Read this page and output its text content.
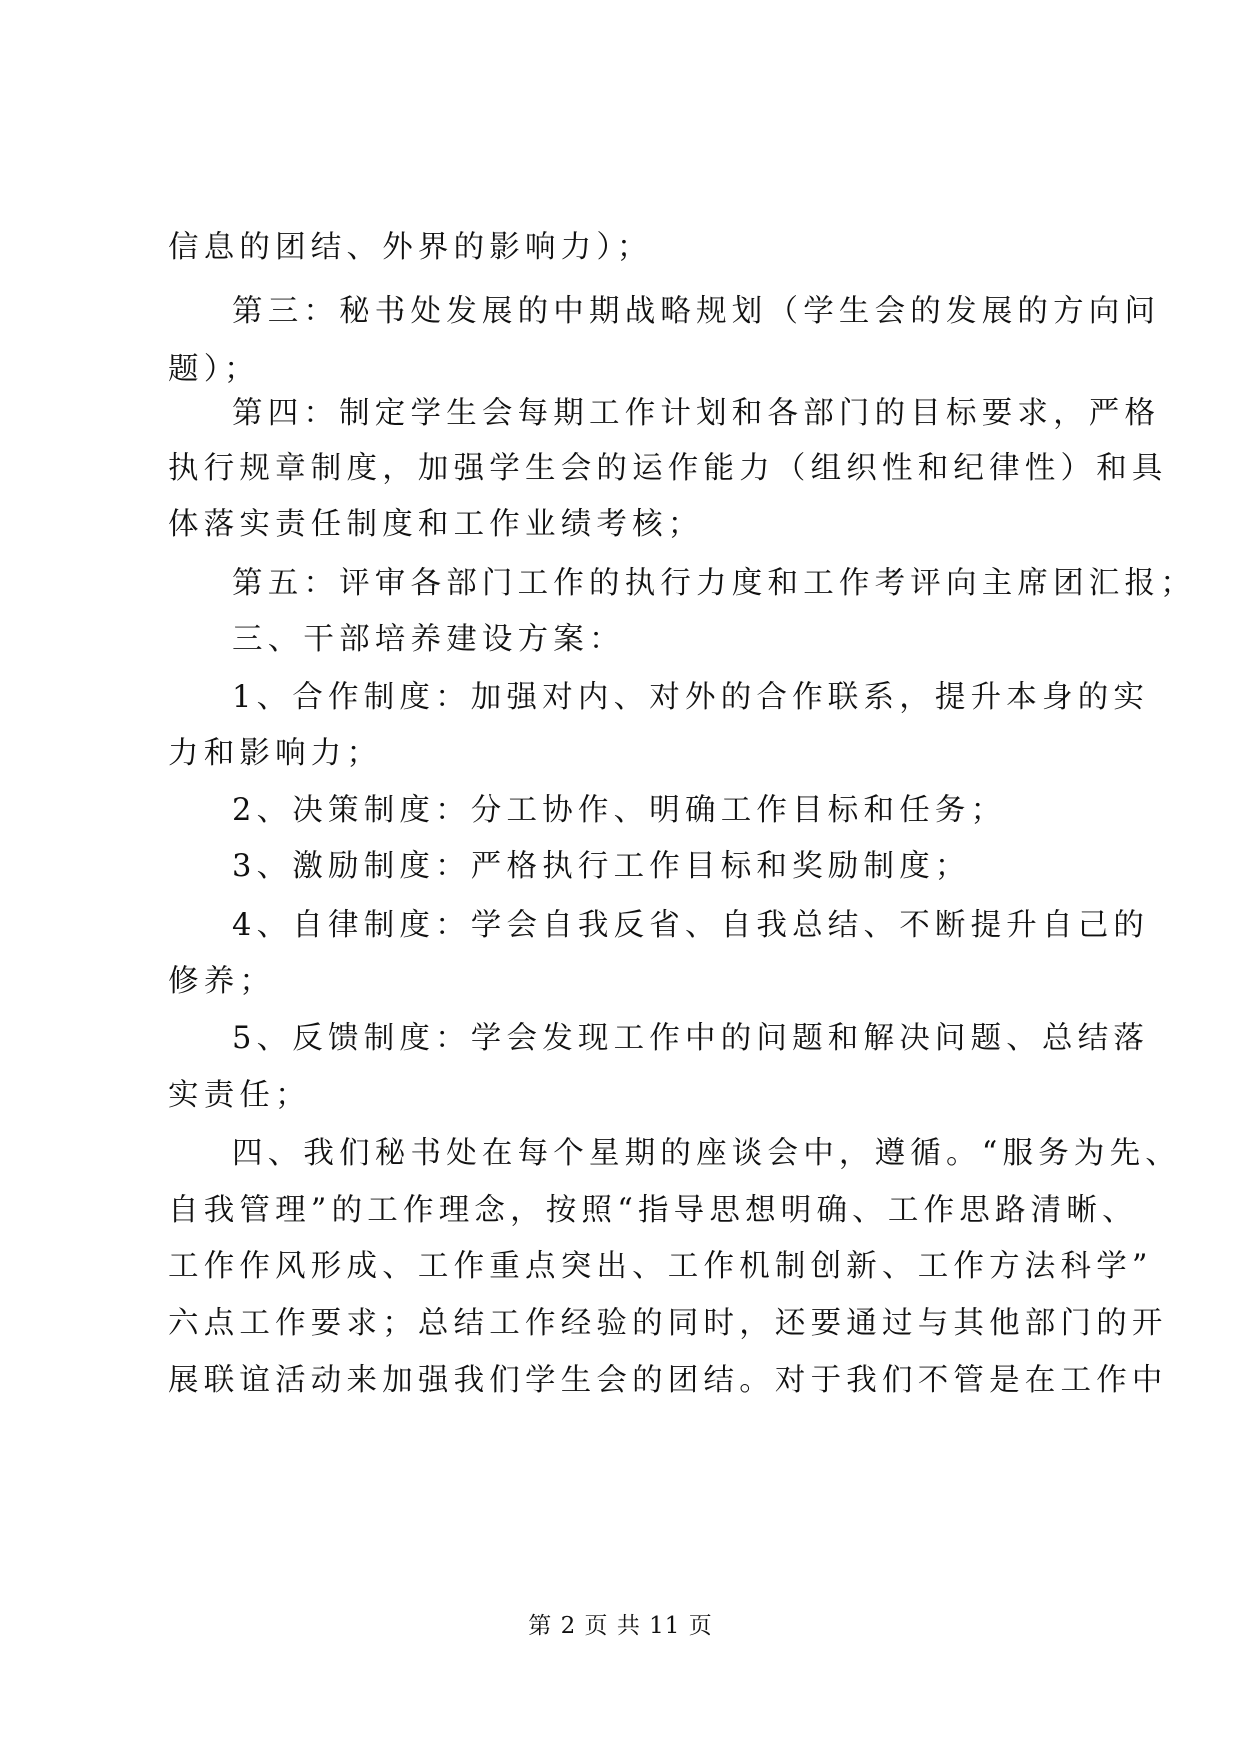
信息的团结、外界的影响力）；
第三：秘书处发展的中期战略规划（学生会的发展的方向问
题）；
第四：制定学生会每期工作计划和各部门的目标要求，严格
执行规章制度，加强学生会的运作能力（组织性和纪律性）和具
体落实责任制度和工作业绩考核；
第五：评审各部门工作的执行力度和工作考评向主席团汇报；
三、干部培养建设方案：
1、合作制度：加强对内、对外的合作联系，提升本身的实
力和影响力；
2、决策制度：分工协作、明确工作目标和任务；
3、激励制度：严格执行工作目标和奖励制度；
4、自律制度：学会自我反省、自我总结、不断提升自己的
修养；
5、反馈制度：学会发现工作中的问题和解决问题、总结落
实责任；
四、我们秘书处在每个星期的座谈会中，遵循。“服务为先、
自我管理”的工作理念，按照“指导思想明确、工作思路清晰、
工作作风形成、工作重点突出、工作机制创新、工作方法科学”
六点工作要求；总结工作经验的同时，还要通过与其他部门的开
展联谊活动来加强我们学生会的团结。对于我们不管是在工作中
第 2 页 共 11 页
